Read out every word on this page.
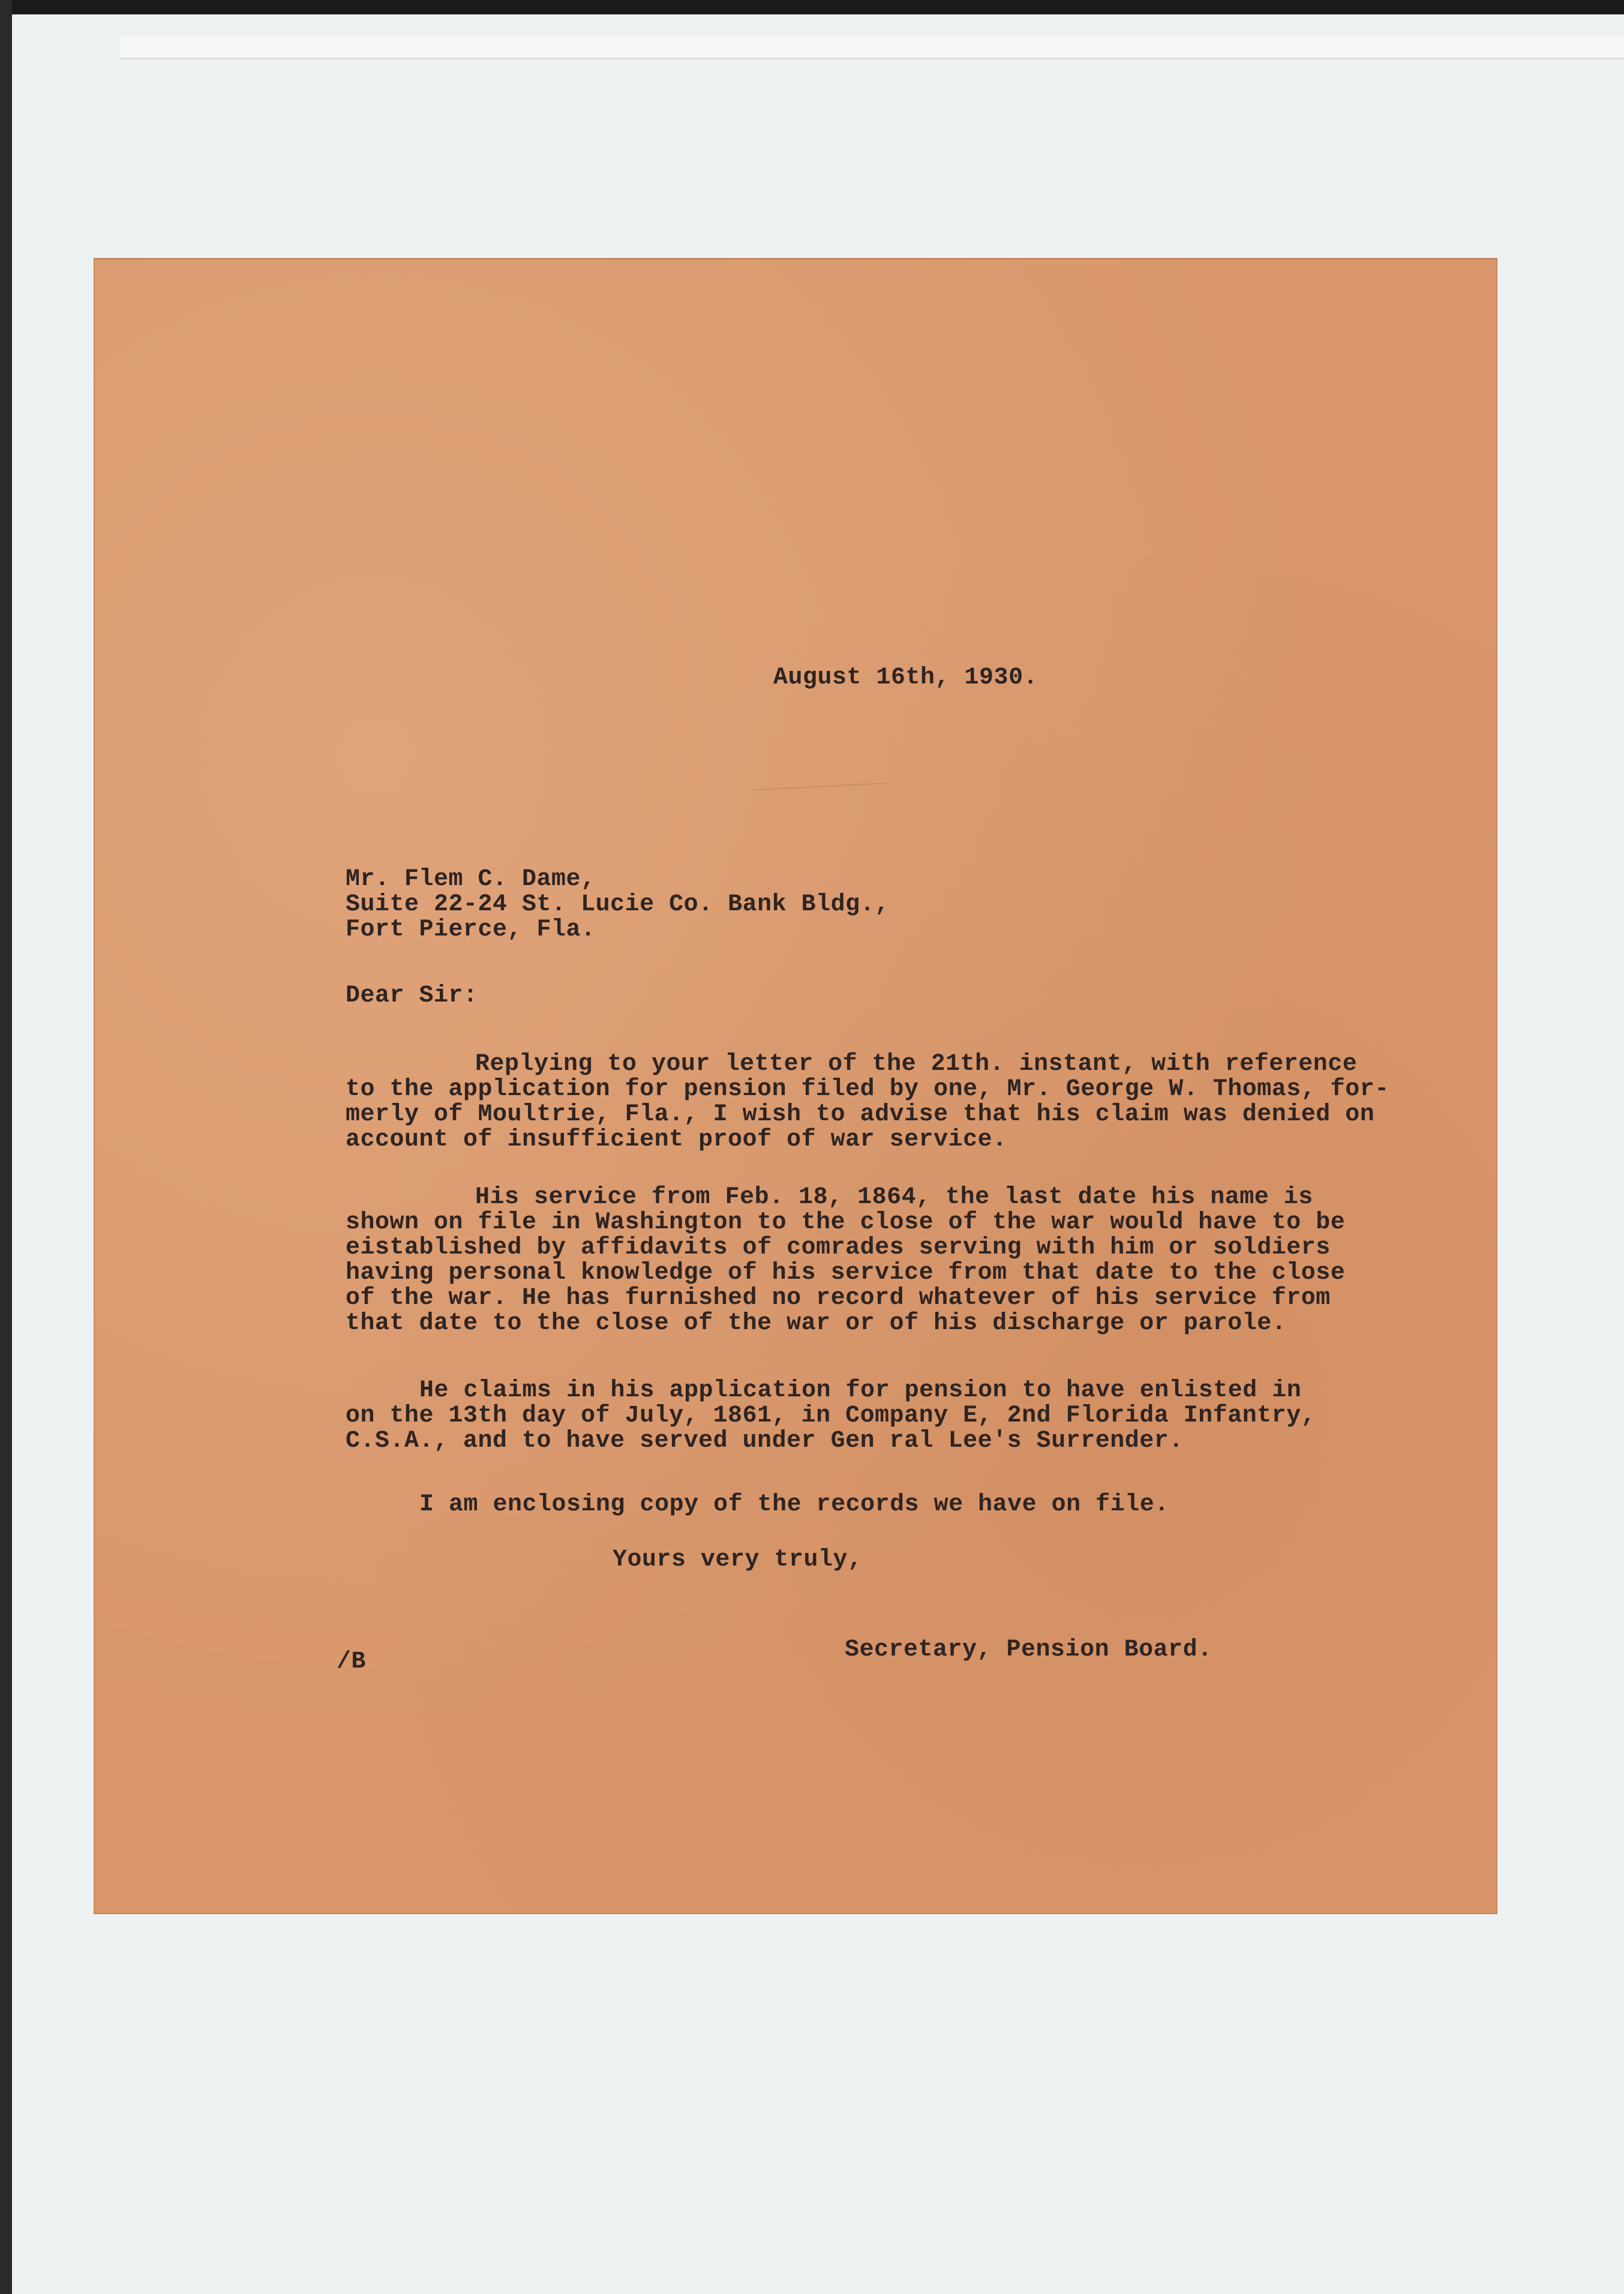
August 16th, 1930.
Mr. Flem C. Dame,
Suite 22-24 St. Lucie Co. Bank Bldg.,
Fort Pierce, Fla.
Dear Sir:
Replying to your letter of the 21th. instant, with reference
to the application for pension filed by one, Mr. George W. Thomas, for-
merly of Moultrie, Fla., I wish to advise that his claim was denied on
account of insufficient proof of war service.
His service from Feb. 18, 1864, the last date his name is
shown on file in Washington to the close of the war would have to be
eistablished by affidavits of comrades serving with him or soldiers
having personal knowledge of his service from that date to the close
of the war. He has furnished no record whatever of his service from
that date to the close of the war or of his discharge or parole.
He claims in his application for pension to have enlisted in
on the 13th day of July, 1861, in Company E, 2nd Florida Infantry,
C.S.A., and to have served under Gen ral Lee's Surrender.
I am enclosing copy of the records we have on file.
Yours very truly,
Secretary, Pension Board.
/B
